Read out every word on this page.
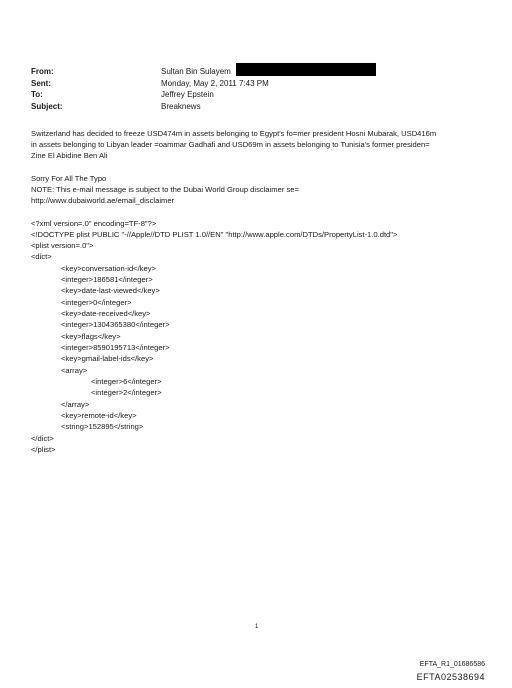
From:	Sultan Bin Sulayem
Sent:	Monday, May 2, 2011 7:43 PM
To:	Jeffrey Epstein
Subject:	Breaknews
Switzerland has decided to freeze USD474m in assets belonging to Egypt's fo=mer president Hosni Mubarak, USD416m
in assets belonging to Libyan leader =oammar Gadhafi and USD69m in assets belonging to Tunisia's former presiden=
Zine El Abidine Ben Ali
Sorry For All The Typo
NOTE: This e-mail message is subject to the Dubai World Group disclaimer se=
http://www.dubaiworld.ae/email_disclaimer
<?xml version=.0" encoding=TF-8"?>
<!DOCTYPE plist PUBLIC "-//Apple//DTD PLIST 1.0//EN" "http://www.apple.com/DTDs/PropertyList-1.0.dtd">
<plist version=.0">
<dict>
<key>conversation-id</key>
<integer>186581</integer>
<key>date-last-viewed</key>
<integer>0</integer>
<key>date-received</key>
<integer>1304365380</integer>
<key>flags</key>
<integer>8590195713</integer>
<key>gmail-label-ids</key>
<array>
<integer>6</integer>
<integer>2</integer>
</array>
<key>remote-id</key>
<string>152895</string>
</dict>
</plist>
1
EFTA_R1_01686586
EFTA02538694
